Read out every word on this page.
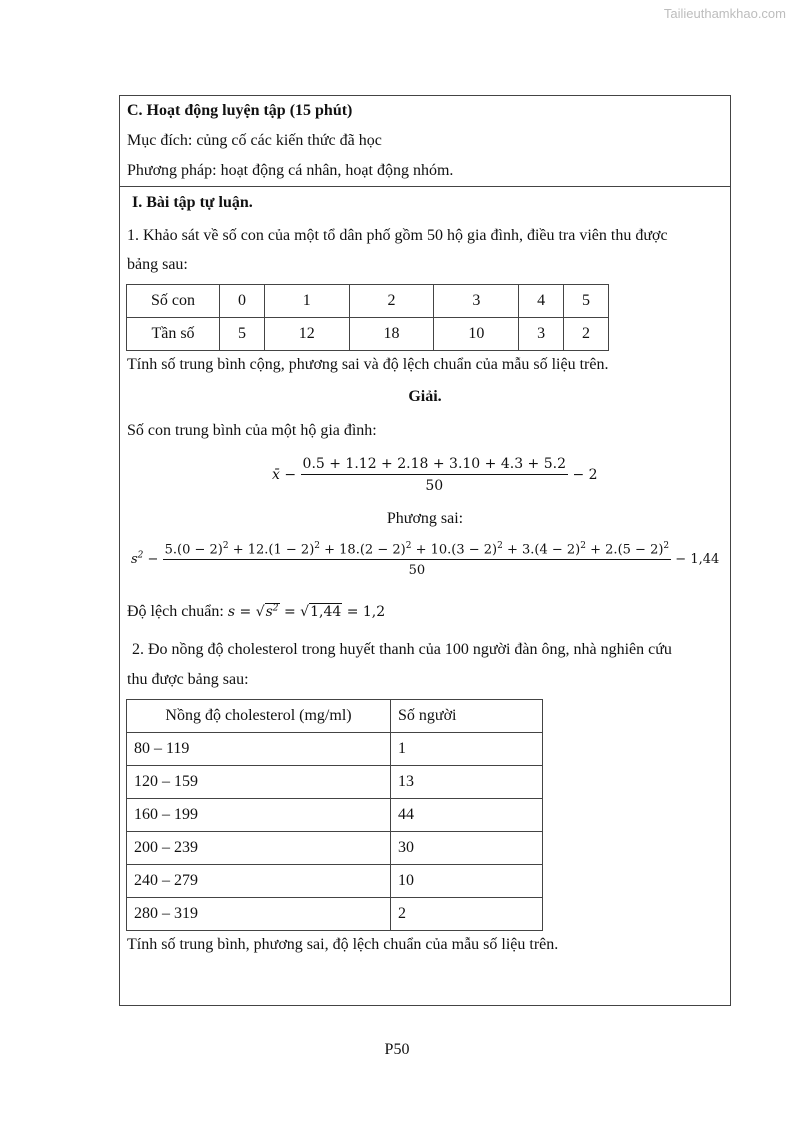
Tailieuthamkhao.com
C. Hoạt động luyện tập (15 phút)
Mục đích: củng cố các kiến thức đã học
Phương pháp: hoạt động cá nhân, hoạt động nhóm.
I. Bài tập tự luận.
1. Khảo sát về số con của một tổ dân phố gồm 50 hộ gia đình, điều tra viên thu được
bảng sau:
Số con	0	1	2	3	4	5
Tần số	5	12	18	10	3	2
Tính số trung bình cộng, phương sai và độ lệch chuẩn của mẫu số liệu trên.
Giải.
Số con trung bình của một hộ gia đình:
x̄ − $\frac{0.5 + 1.12 + 2.18 + 3.10 + 4.3 + 5.2}{50} - 2$
Phương sai:
$s^2$ −
$5.(0 - 2)^2 + 12.(1 - 2)^2 + 18.(2 - 2)^2 + 10.(3 - 2)^2 + 3.(4 - 2)^2 + 2.(5 - 2)^2$
50
− 1,44
Độ lệch chuẩn: $s = √s^2 = √1,44 = 1,2$
2. Đo nồng độ cholesterol trong huyết thanh của 100 người đàn ông, nhà nghiên cứu
thu được bảng sau:
Nồng độ cholesterol (mg/ml)	Số người
80 – 119	1
120 – 159	13
160 – 199	44
200 – 239	30
240 – 279	10
280 – 319	2
Tính số trung bình, phương sai, độ lệch chuẩn của mẫu số liệu trên.
P50
